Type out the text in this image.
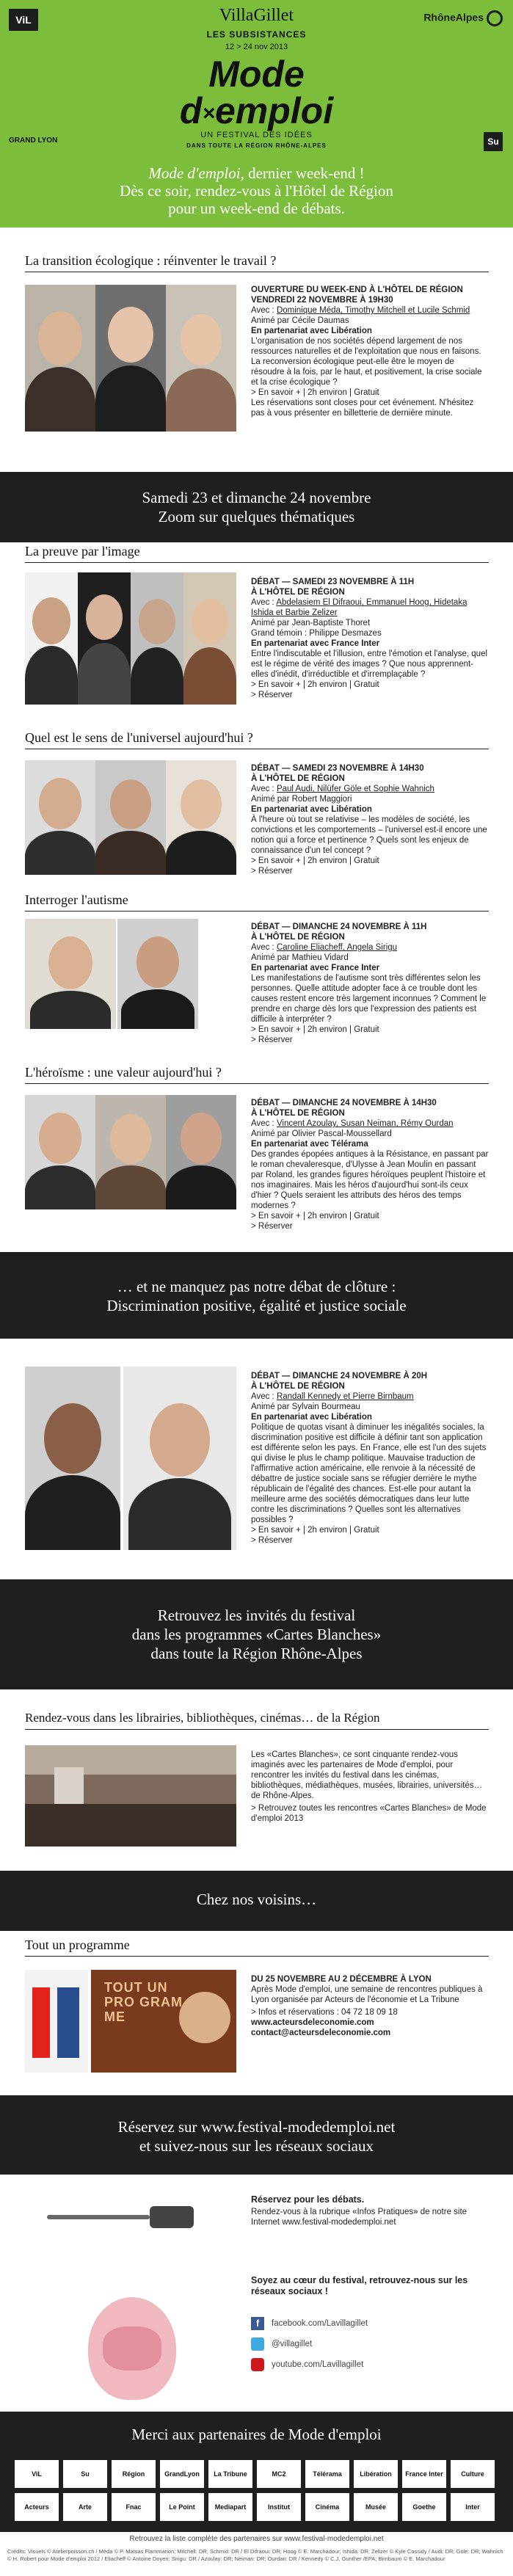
ViL	VillaGillet
LES SUBSISTANCES
12 > 24 nov 2013
Mode
d×emploi
UN FESTIVAL DES IDÉES
DANS TOUTE LA RÉGION RHÔNE-ALPES
RhôneAlpes
GRAND LYON	Su

Mode d'emploi, dernier week-end !

Dès ce soir, rendez-vous à l'Hôtel de Région

pour un week-end de débats.

La transition écologique : réinventer le travail ?
OUVERTURE DU WEEK-END À L'HÔTEL DE RÉGION
VENDREDI 22 NOVEMBRE À 19H30
Avec : Dominique Méda, Timothy Mitchell et Lucile Schmid
Animé par Cécile Daumas
En partenariat avec Libération
L'organisation de nos sociétés dépend largement de nos ressources naturelles et de l'exploitation que nous en faisons. La reconversion écologique peut-elle être le moyen de résoudre à la fois, par le haut, et positivement, la crise sociale et la crise écologique ?
> En savoir + | 2h environ | Gratuit
Les réservations sont closes pour cet événement. N'hésitez pas à vous présenter en billetterie de dernière minute.
Samedi 23 et dimanche 24 novembre
Zoom sur quelques thématiques
La preuve par l'image
DÉBAT — SAMEDI 23 NOVEMBRE À 11H
À L'HÔTEL DE RÉGION
Avec : Abdelasiem El Difraoui, Emmanuel Hoog, Hidetaka Ishida et Barbie Zelizer
Animé par Jean-Baptiste Thoret
Grand témoin : Philippe Desmazes
En partenariat avec France Inter
Entre l'indiscutable et l'illusion, entre l'émotion et l'analyse, quel est le régime de vérité des images ? Que nous apprennent-elles d'inédit, d'irréductible et d'irremplaçable ?
> En savoir + | 2h environ | Gratuit
> Réserver
Quel est le sens de l'universel aujourd'hui ?
DÉBAT — SAMEDI 23 NOVEMBRE À 14H30
À L'HÔTEL DE RÉGION
Avec : Paul Audi, Nilüfer Göle et Sophie Wahnich
Animé par Robert Maggiori
En partenariat avec Libération
À l'heure où tout se relativise – les modèles de société, les convictions et les comportements – l'universel est-il encore une notion qui a force et pertinence ? Quels sont les enjeux de connaissance d'un tel concept ?
> En savoir + | 2h environ | Gratuit
> Réserver
Interroger l'autisme
DÉBAT — DIMANCHE 24 NOVEMBRE À 11H
À L'HÔTEL DE RÉGION
Avec : Caroline Eliacheff, Angela Sirigu
Animé par Mathieu Vidard
En partenariat avec France Inter
Les manifestations de l'autisme sont très différentes selon les personnes. Quelle attitude adopter face à ce trouble dont les causes restent encore très largement inconnues ? Comment le prendre en charge dès lors que l'expression des patients est difficile à interpréter ?
> En savoir + | 2h environ | Gratuit
> Réserver
L'héroïsme : une valeur aujourd'hui ?
DÉBAT — DIMANCHE 24 NOVEMBRE À 14H30
À L'HÔTEL DE RÉGION
Avec : Vincent Azoulay, Susan Neiman, Rémy Ourdan
Animé par Olivier Pascal-Moussellard
En partenariat avec Télérama
Des grandes épopées antiques à la Résistance, en passant par le roman chevaleresque, d'Ulysse à Jean Moulin en passant par Roland, les grandes figures héroïques peuplent l'histoire et nos imaginaires. Mais les héros d'aujourd'hui sont-ils ceux d'hier ? Quels seraient les attributs des héros des temps modernes ?
> En savoir + | 2h environ | Gratuit
> Réserver
… et ne manquez pas notre débat de clôture :
Discrimination positive, égalité et justice sociale
DÉBAT — DIMANCHE 24 NOVEMBRE À 20H
À L'HÔTEL DE RÉGION
Avec : Randall Kennedy et Pierre Birnbaum
Animé par Sylvain Bourmeau
En partenariat avec Libération
Politique de quotas visant à diminuer les inégalités sociales, la discrimination positive est difficile à définir tant son application est différente selon les pays. En France, elle est l'un des sujets qui divise le plus le champ politique. Mauvaise traduction de l'affirmative action américaine, elle renvoie à la nécessité de débattre de justice sociale sans se réfugier derrière le mythe républicain de l'égalité des chances. Est-elle pour autant la meilleure arme des sociétés démocratiques dans leur lutte contre les discriminations ? Quelles sont les alternatives possibles ?
> En savoir + | 2h environ | Gratuit
> Réserver
Retrouvez les invités du festival
dans les programmes «Cartes Blanches»
dans toute la Région Rhône-Alpes
Rendez-vous dans les librairies, bibliothèques, cinémas… de la Région
Les «Cartes Blanches», ce sont cinquante rendez-vous imaginés avec les partenaires de Mode d'emploi, pour rencontrer les invités du festival dans les cinémas, bibliothèques, médiathèques, musées, librairies, universités… de Rhône-Alpes.
> Retrouvez toutes les rencontres «Cartes Blanches» de Mode d'emploi 2013
Chez nos voisins…
Tout un programme
TOUT UN PRO GRAM ME
DU 25 NOVEMBRE AU 2 DÉCEMBRE À LYON
Après Mode d'emploi, une semaine de rencontres publiques à Lyon organisée par Acteurs de l'économie et La Tribune
> Infos et réservations : 04 72 18 09 18
www.acteursdeleconomie.com
contact@acteursdeleconomie.com
Réservez sur www.festival-modedemploi.net
et suivez-nous sur les réseaux sociaux
Réservez pour les débats.
Rendez-vous à la rubrique «Infos Pratiques» de notre site Internet www.festival-modedemploi.net
Soyez au cœur du festival, retrouvez-nous sur les réseaux sociaux !
f	facebook.com/Lavillagillet
@villagillet
youtube.com/Lavillagillet
Merci aux partenaires de Mode d'emploi
ViL	Su	Région	GrandLyon	La Tribune	MC2	Télérama	Libération	France Inter	Culture
Acteurs	Arte	Fnac	Le Point	Mediapart	Institut	Cinéma	Musée	Goethe	Inter
Retrouvez la liste complète des partenaires sur www.festival-modedemploi.net
Crédits: Visuels © Atelierpoisson.ch / Méda © P. Matsas Flammarion; Mitchell: DR; Schmid: DR / El Difraoui: DR; Hoog © E. Marchadour; Ishida: DR; Zelizer © Kyle Cassidy / Audi: DR; Göle: DR; Wahnich © H. Robert pour Mode d'emploi 2012 / Eliacheff © Antoine Doyen; Sirigu: DR / Azoulay: DR; Neiman: DR; Ourdan: DR / Kennedy © C.J. Gunther /EPA; Birnbaum © E. Marchadour
